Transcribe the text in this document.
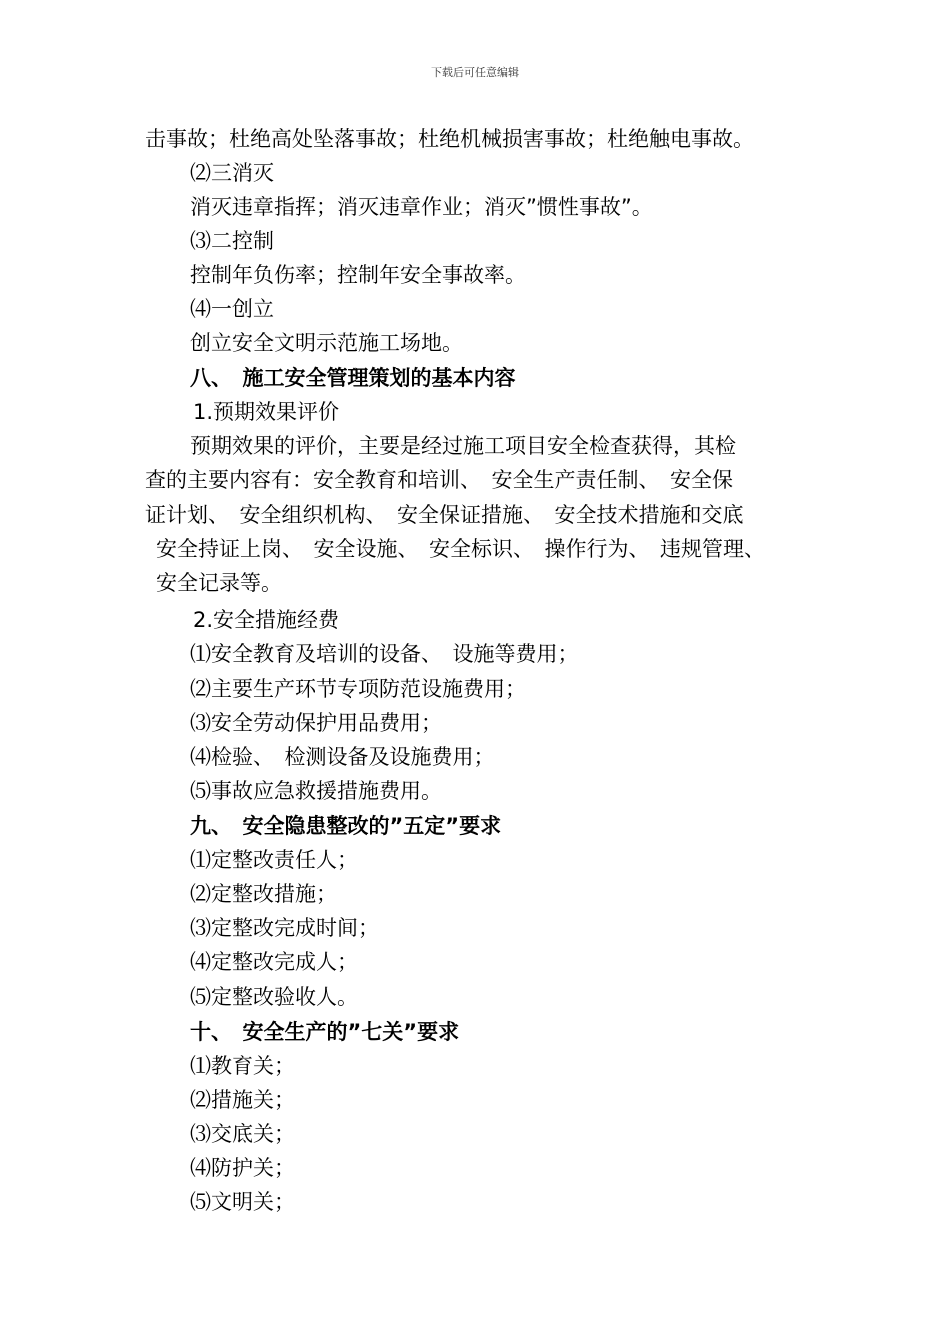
下载后可任意编辑
击事故；杜绝高处坠落事故；杜绝机械损害事故；杜绝触电事故。
⑵三消灭
消灭违章指挥；消灭违章作业；消灭”惯性事故”。
⑶二控制
控制年负伤率；控制年安全事故率。
⑷一创立
创立安全文明示范施工场地。
八、　施工安全管理策划的基本内容
1.预期效果评价
预期效果的评价，主要是经过施工项目安全检查获得，其检
查的主要内容有：安全教育和培训、　安全生产责任制、　安全保
证计划、　安全组织机构、　安全保证措施、　安全技术措施和交底
安全持证上岗、　安全设施、　安全标识、　操作行为、　违规管理、
安全记录等。
2.安全措施经费
⑴安全教育及培训的设备、　设施等费用；
⑵主要生产环节专项防范设施费用；
⑶安全劳动保护用品费用；
⑷检验、　检测设备及设施费用；
⑸事故应急救援措施费用。
九、　安全隐患整改的”五定”要求
⑴定整改责任人；
⑵定整改措施；
⑶定整改完成时间；
⑷定整改完成人；
⑸定整改验收人。
十、　安全生产的”七关”要求
⑴教育关；
⑵措施关；
⑶交底关；
⑷防护关；
⑸文明关；
